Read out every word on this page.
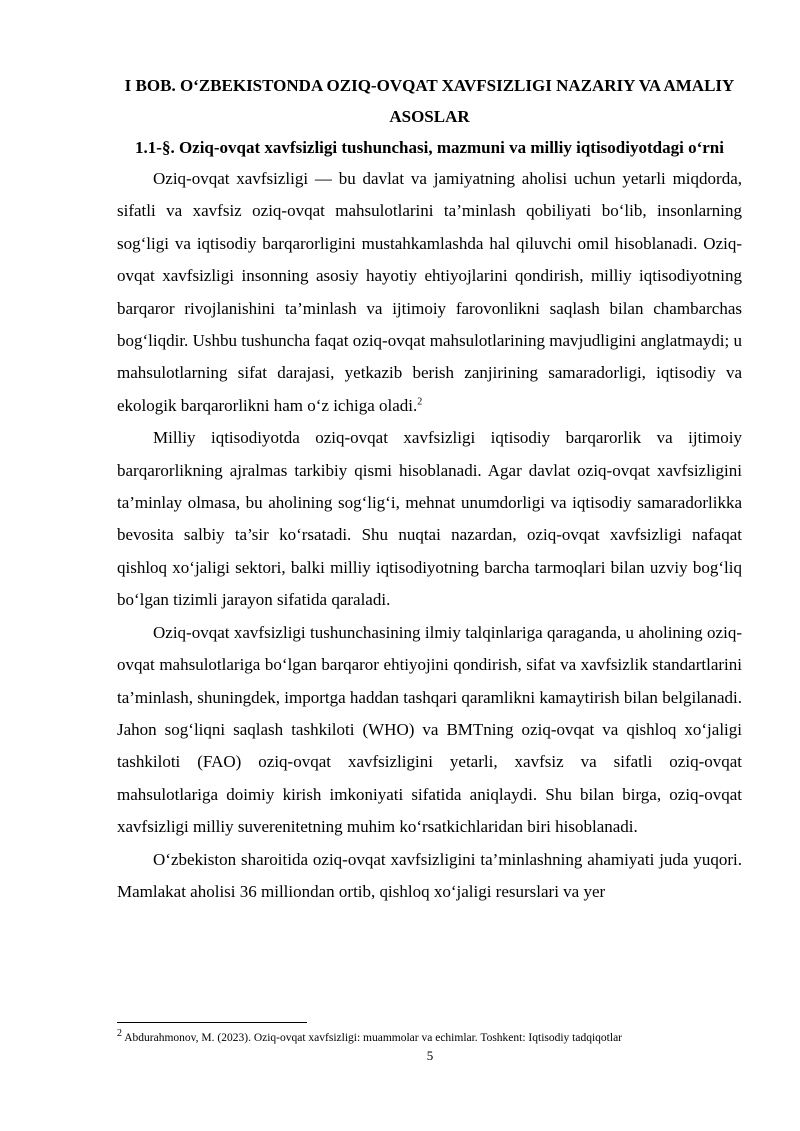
I BOB. O‘ZBEKISTONDA OZIQ-OVQAT XAVFSIZLIGI NAZARIY VA AMALIY ASOSLAR
1.1-§. Oziq-ovqat xavfsizligi tushunchasi, mazmuni va milliy iqtisodiyotdagi o‘rni

Oziq-ovqat xavfsizligi — bu davlat va jamiyatning aholisi uchun yetarli miqdorda, sifatli va xavfsiz oziq-ovqat mahsulotlarini ta’minlash qobiliyati bo‘lib, insonlarning sog‘ligi va iqtisodiy barqarorligini mustahkamlashda hal qiluvchi omil hisoblanadi. Oziq-ovqat xavfsizligi insonning asosiy hayotiy ehtiyojlarini qondirish, milliy iqtisodiyotning barqaror rivojlanishini ta’minlash va ijtimoiy farovonlikni saqlash bilan chambarchas bog‘liqdir. Ushbu tushuncha faqat oziq-ovqat mahsulotlarining mavjudligini anglatmaydi; u mahsulotlarning sifat darajasi, yetkazib berish zanjirining samaradorligi, iqtisodiy va ekologik barqarorlikni ham o‘z ichiga oladi.$^2$

Milliy iqtisodiyotda oziq-ovqat xavfsizligi iqtisodiy barqarorlik va ijtimoiy barqarorlikning ajralmas tarkibiy qismi hisoblanadi. Agar davlat oziq-ovqat xavfsizligini ta’minlay olmasa, bu aholining sog‘lig‘i, mehnat unumdorligi va iqtisodiy samaradorlikka bevosita salbiy ta’sir ko‘rsatadi. Shu nuqtai nazardan, oziq-ovqat xavfsizligi nafaqat qishloq xo‘jaligi sektori, balki milliy iqtisodiyotning barcha tarmoqlari bilan uzviy bog‘liq bo‘lgan tizimli jarayon sifatida qaraladi.

Oziq-ovqat xavfsizligi tushunchasining ilmiy talqinlariga qaraganda, u aholining oziq-ovqat mahsulotlariga bo‘lgan barqaror ehtiyojini qondirish, sifat va xavfsizlik standartlarini ta’minlash, shuningdek, importga haddan tashqari qaramlikni kamaytirish bilan belgilanadi. Jahon sog‘liqni saqlash tashkiloti (WHO) va BMTning oziq-ovqat va qishloq xo‘jaligi tashkiloti (FAO) oziq-ovqat xavfsizligini yetarli, xavfsiz va sifatli oziq-ovqat mahsulotlariga doimiy kirish imkoniyati sifatida aniqlaydi. Shu bilan birga, oziq-ovqat xavfsizligi milliy suverenitetning muhim ko‘rsatkichlaridan biri hisoblanadi.

O‘zbekiston sharoitida oziq-ovqat xavfsizligini ta’minlashning ahamiyati juda yuqori. Mamlakat aholisi 36 milliondan ortib, qishloq xo‘jaligi resurslari va yer

$^2$ Abdurahmonov, M. (2023). Oziq-ovqat xavfsizligi: muammolar va echimlar. Toshkent: Iqtisodiy tadqiqotlar
5
